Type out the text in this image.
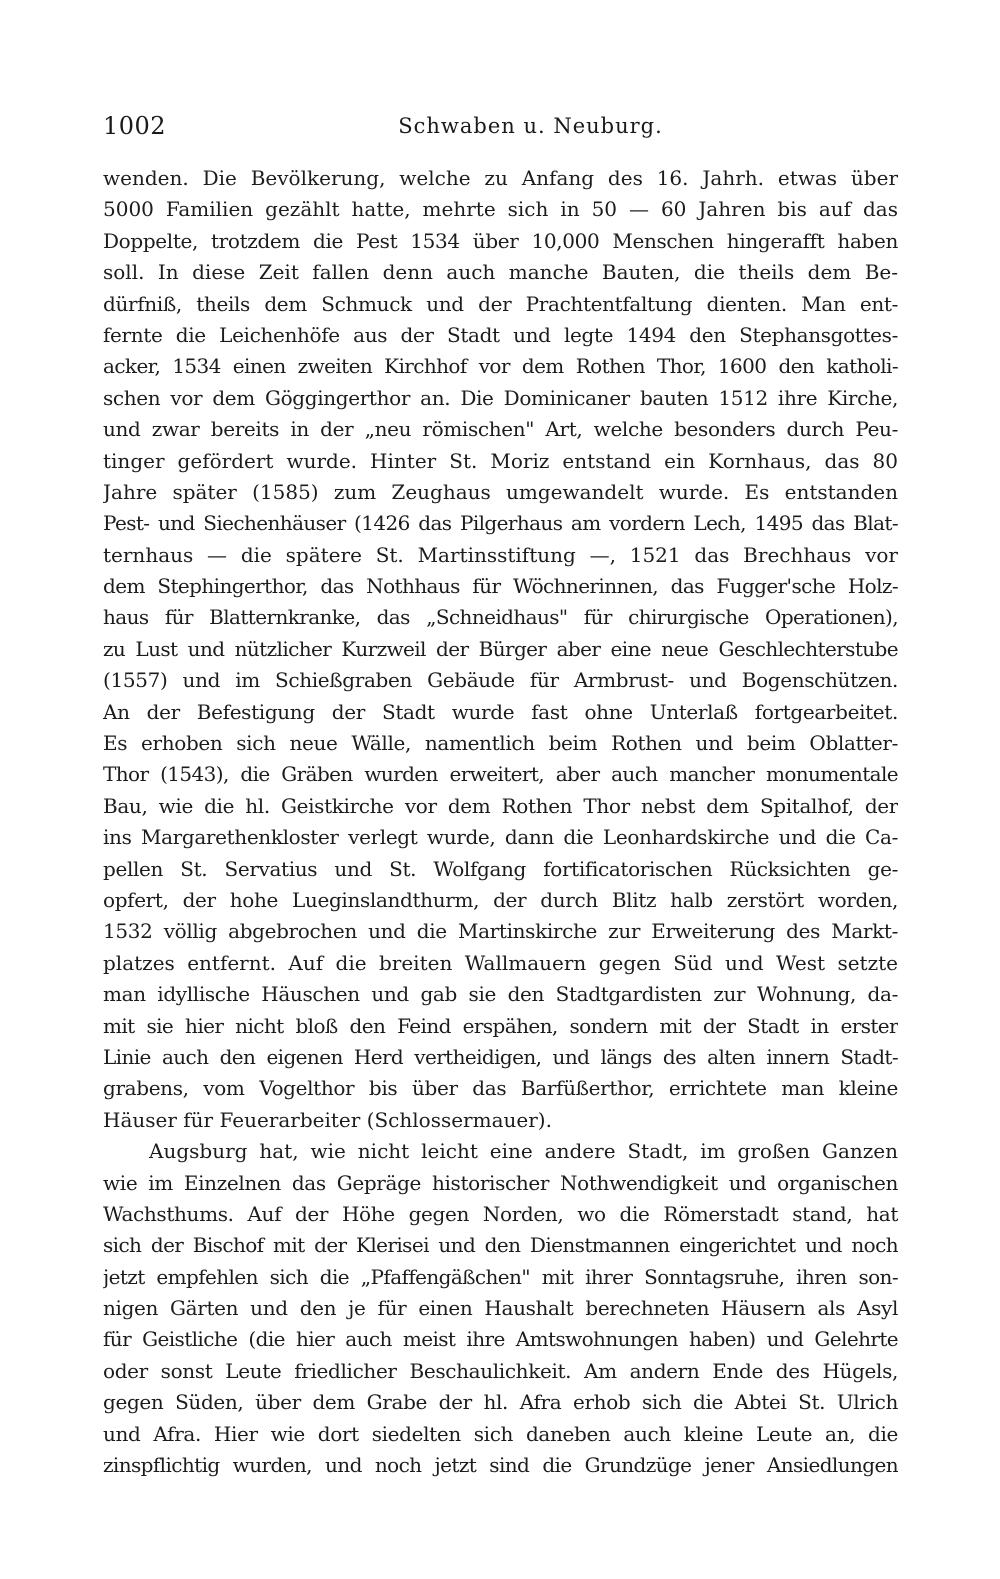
1002	Schwaben u. Neuburg.
wenden. Die Bevölkerung, welche zu Anfang des 16. Jahrh. etwas über
5000 Familien gezählt hatte, mehrte sich in 50 — 60 Jahren bis auf das
Doppelte, trotzdem die Pest 1534 über 10,000 Menschen hingerafft haben
soll. In diese Zeit fallen denn auch manche Bauten, die theils dem Be-
dürfniß, theils dem Schmuck und der Prachtentfaltung dienten. Man ent-
fernte die Leichenhöfe aus der Stadt und legte 1494 den Stephansgottes-
acker, 1534 einen zweiten Kirchhof vor dem Rothen Thor, 1600 den katholi-
schen vor dem Göggingerthor an. Die Dominicaner bauten 1512 ihre Kirche,
und zwar bereits in der „neu römischen" Art, welche besonders durch Peu-
tinger gefördert wurde. Hinter St. Moriz entstand ein Kornhaus, das 80
Jahre später (1585) zum Zeughaus umgewandelt wurde. Es entstanden
Pest- und Siechenhäuser (1426 das Pilgerhaus am vordern Lech, 1495 das Blat-
ternhaus — die spätere St. Martinsstiftung —, 1521 das Brechhaus vor
dem Stephingerthor, das Nothhaus für Wöchnerinnen, das Fugger'sche Holz-
haus für Blatternkranke, das „Schneidhaus" für chirurgische Operationen),
zu Lust und nützlicher Kurzweil der Bürger aber eine neue Geschlechterstube
(1557) und im Schießgraben Gebäude für Armbrust- und Bogenschützen.
An der Befestigung der Stadt wurde fast ohne Unterlaß fortgearbeitet.
Es erhoben sich neue Wälle, namentlich beim Rothen und beim Oblatter-
Thor (1543), die Gräben wurden erweitert, aber auch mancher monumentale
Bau, wie die hl. Geistkirche vor dem Rothen Thor nebst dem Spitalhof, der
ins Margarethenkloster verlegt wurde, dann die Leonhardskirche und die Ca-
pellen St. Servatius und St. Wolfgang fortificatorischen Rücksichten ge-
opfert, der hohe Lueginslandthurm, der durch Blitz halb zerstört worden,
1532 völlig abgebrochen und die Martinskirche zur Erweiterung des Markt-
platzes entfernt. Auf die breiten Wallmauern gegen Süd und West setzte
man idyllische Häuschen und gab sie den Stadtgardisten zur Wohnung, da-
mit sie hier nicht bloß den Feind erspähen, sondern mit der Stadt in erster
Linie auch den eigenen Herd vertheidigen, und längs des alten innern Stadt-
grabens, vom Vogelthor bis über das Barfüßerthor, errichtete man kleine
Häuser für Feuerarbeiter (Schlossermauer).
Augsburg hat, wie nicht leicht eine andere Stadt, im großen Ganzen
wie im Einzelnen das Gepräge historischer Nothwendigkeit und organischen
Wachsthums. Auf der Höhe gegen Norden, wo die Römerstadt stand, hat
sich der Bischof mit der Klerisei und den Dienstmannen eingerichtet und noch
jetzt empfehlen sich die „Pfaffengäßchen" mit ihrer Sonntagsruhe, ihren son-
nigen Gärten und den je für einen Haushalt berechneten Häusern als Asyl
für Geistliche (die hier auch meist ihre Amtswohnungen haben) und Gelehrte
oder sonst Leute friedlicher Beschaulichkeit. Am andern Ende des Hügels,
gegen Süden, über dem Grabe der hl. Afra erhob sich die Abtei St. Ulrich
und Afra. Hier wie dort siedelten sich daneben auch kleine Leute an, die
zinspflichtig wurden, und noch jetzt sind die Grundzüge jener Ansiedlungen
